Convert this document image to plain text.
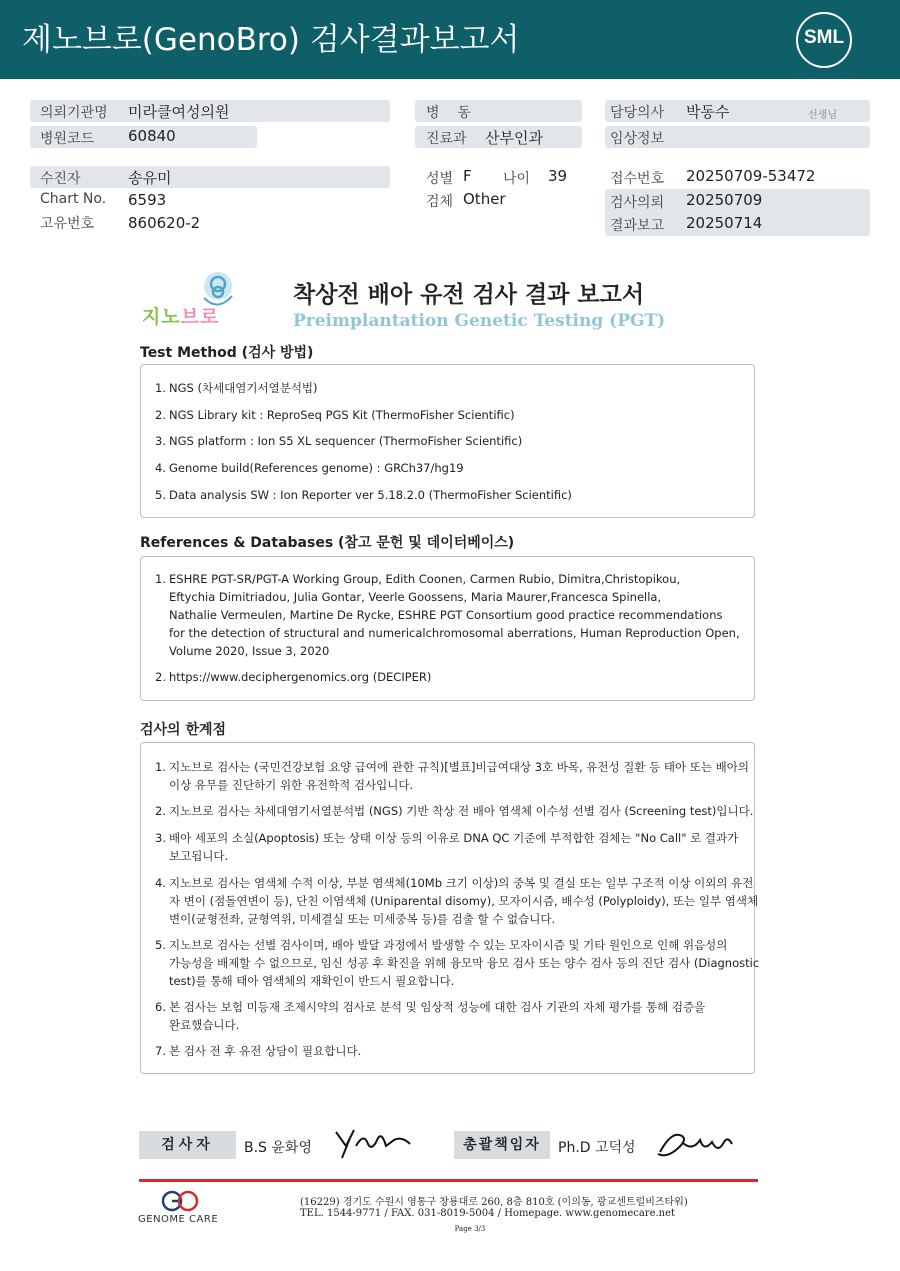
제노브로(GenoBro) 검사결과보고서	SML
의뢰기관명 미라클여성의원
병원코드 60840
병    동
진료과 산부인과
담당의사 박동수	선생님
임상정보
수진자	송유미
Chart No. 6593
고유번호 860620-2
성별 F 나이 39
검체 Other
접수번호 20250709-53472
검사의뢰 20250709
결과보고 20250714
지노브로
착상전 배아 유전 검사 결과 보고서
Preimplantation Genetic Testing (PGT)
Test Method (검사 방법)
1. NGS (차세대염기서열분석법)
2. NGS Library kit : ReproSeq PGS Kit (ThermoFisher Scientific)
3. NGS platform : Ion S5 XL sequencer (ThermoFisher Scientific)
4. Genome build(References genome) : GRCh37/hg19
5. Data analysis SW : Ion Reporter ver 5.18.2.0 (ThermoFisher Scientific)
References & Databases (참고 문헌 및 데이터베이스)
1. ESHRE PGT-SR/PGT-A Working Group, Edith Coonen, Carmen Rubio, Dimitra,Christopikou,
Eftychia Dimitriadou, Julia Gontar, Veerle Goossens, Maria Maurer,Francesca Spinella,
Nathalie Vermeulen, Martine De Rycke, ESHRE PGT Consortium good practice recommendations
for the detection of structural and numericalchromosomal aberrations, Human Reproduction Open,
Volume 2020, Issue 3, 2020
2. https://www.deciphergenomics.org (DECIPER)
검사의 한계점
1. 지노브로 검사는 (국민건강보험 요양 급여에 관한 규칙)[별표]비급여대상 3호 바목, 유전성 질환 등 태아 또는 배아의
이상 유무를 진단하기 위한 유전학적 검사입니다.
2. 지노브로 검사는 차세대염기서열분석법 (NGS) 기반 착상 전 배아 염색체 이수성 선별 검사 (Screening test)입니다.
3. 배아 세포의 소실(Apoptosis) 또는 상태 이상 등의 이유로 DNA QC 기준에 부적합한 검체는 "No Call" 로 결과가
보고됩니다.
4. 지노브로 검사는 염색체 수적 이상, 부분 염색체(10Mb 크기 이상)의 중복 및 결실 또는 일부 구조적 이상 이외의 유전
자 변이 (점돌연변이 등), 단친 이염색체 (Uniparental disomy), 모자이시즘, 배수성 (Polyploidy), 또는 일부 염색체
변이(균형전좌, 균형역위, 미세결실 또는 미세중복 등)를 검출 할 수 없습니다.
5. 지노브로 검사는 선별 검사이며, 배아 발달 과정에서 발생할 수 있는 모자이시즘 및 기타 원인으로 인해 위음성의
가능성을 배제할 수 없으므로, 임신 성공 후 확진을 위해 융모막 융모 검사 또는 양수 검사 등의 진단 검사 (Diagnostic
test)를 통해 태아 염색체의 재확인이 반드시 필요합니다.
6. 본 검사는 보험 미등재 조제시약의 검사로 분석 및 임상적 성능에 대한 검사 기관의 자체 평가를 통해 검증을
완료했습니다.
7. 본 검사 전 후 유전 상담이 필요합니다.
검사자	B.S 윤화영	총괄책임자	Ph.D 고덕성
GENOME CARE
(16229) 경기도 수원시 영통구 창룡대로 260, 8층 810호 (이의동, 광교센트럴비즈타워)
TEL. 1544-9771 / FAX. 031-8019-5004 / Homepage. www.genomecare.net
Page 3/3
